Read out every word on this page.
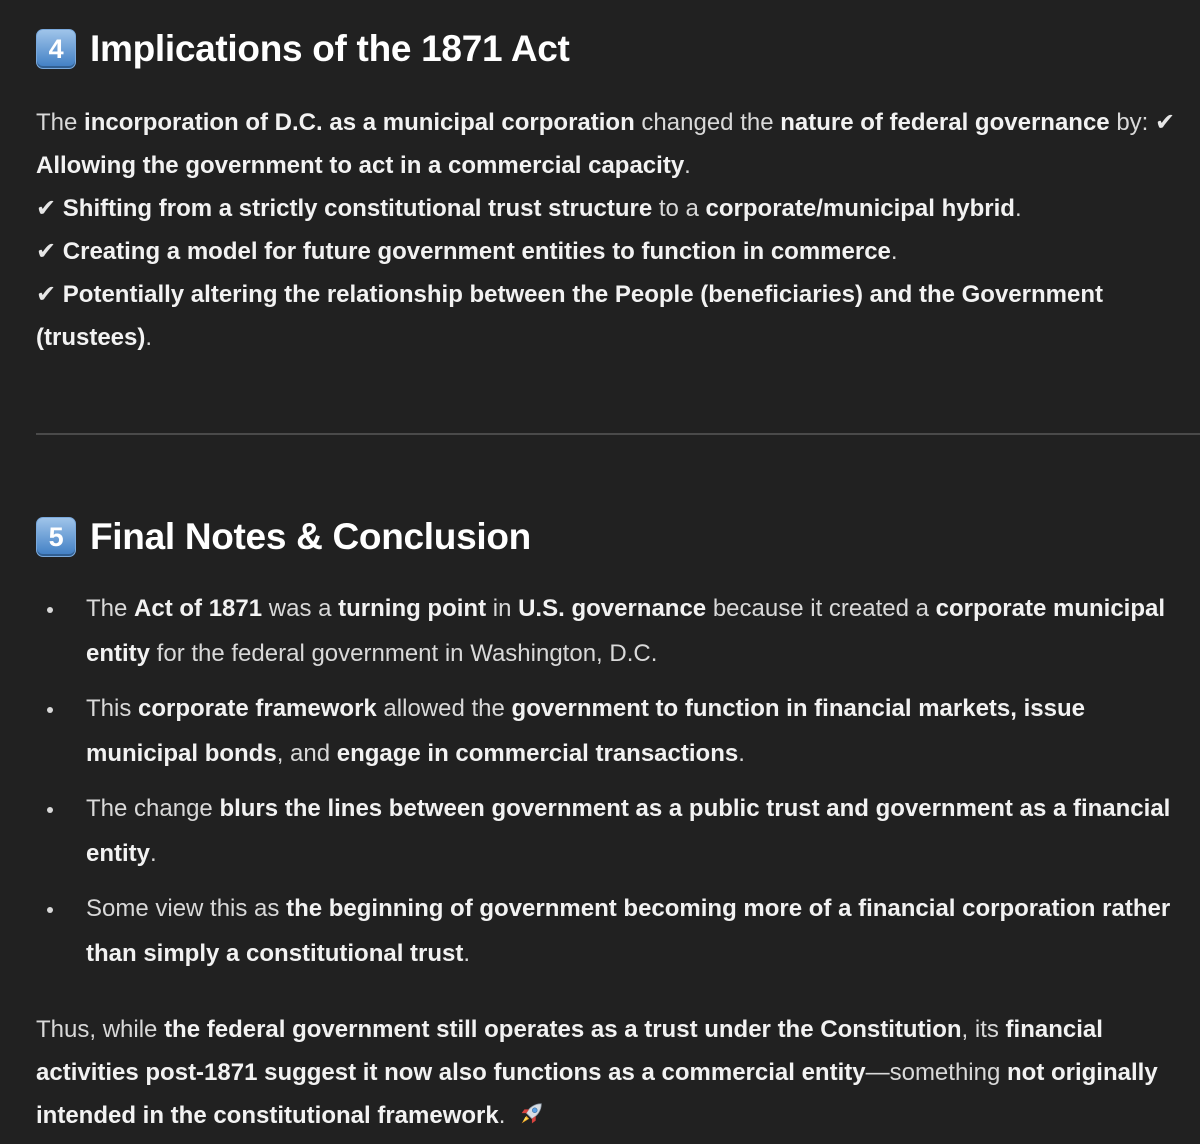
4 Implications of the 1871 Act

The incorporation of D.C. as a municipal corporation changed the nature of federal governance by: ✔ Allowing the government to act in a commercial capacity.
✔ Shifting from a strictly constitutional trust structure to a corporate/municipal hybrid.
✔ Creating a model for future government entities to function in commerce.
✔ Potentially altering the relationship between the People (beneficiaries) and the Government (trustees).

5 Final Notes & Conclusion
The Act of 1871 was a turning point in U.S. governance because it created a corporate municipal entity for the federal government in Washington, D.C.
This corporate framework allowed the government to function in financial markets, issue municipal bonds, and engage in commercial transactions.
The change blurs the lines between government as a public trust and government as a financial entity.
Some view this as the beginning of government becoming more of a financial corporation rather than simply a constitutional trust.

Thus, while the federal government still operates as a trust under the Constitution, its financial activities post-1871 suggest it now also functions as a commercial entity—something not originally intended in the constitutional framework.
